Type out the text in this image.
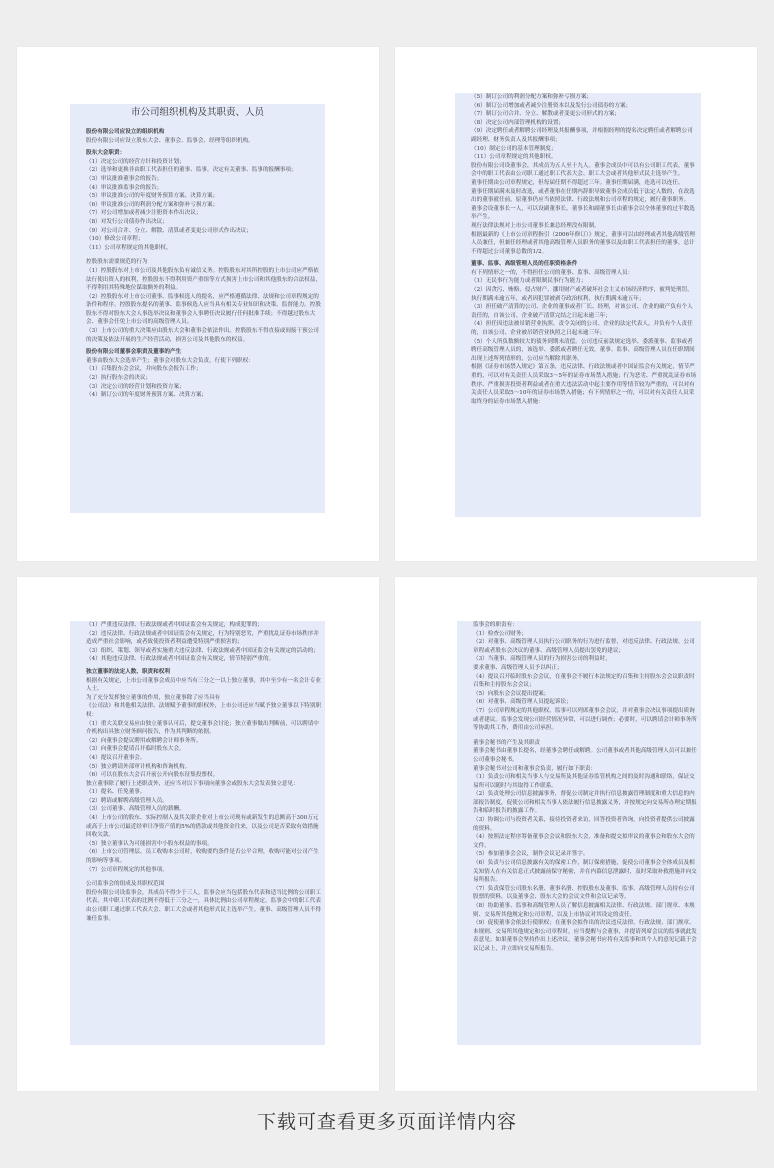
市公司组织机构及其职责、人员

股份有限公司应设立的组织机构

股份有限公司应设立股东大会、董事会、监事会、经理等组织机构。

股东大会职责：

（1）决定公司的经营方针和投资计划；

（2）选举和更换非由职工代表担任的董事、监事，决定有关董事、监事的报酬事项；

（3）审议批准董事会的报告；

（4）审议批准监事会的报告；

（5）审议批准公司的年度财务预算方案、决算方案；

（6）审议批准公司的利润分配方案和弥补亏损方案；

（7）对公司增加或者减少注册资本作出决议；

（8）对发行公司债券作出决议；

（9）对公司合并、分立、解散、清算或者变更公司形式作出决议；

（10）修改公司章程；

（11）公司章程规定的其他职权。

控股股东需要规范的行为

（1）控股股东对上市公司及其他股东负有诚信义务。控股股东对其所控股的上市公司应严格依法行使出资人的权利，控股股东不得利用资产重组等方式损害上市公司和其他股东的合法权益，不得利用其特殊地位谋取额外的利益。

（2）控股股东对上市公司董事、监事候选人的提名，应严格遵循法律、法规和公司章程规定的条件和程序。控股股东提名的董事、监事候选人应当具有相关专业知识和决策、监督能力。控股股东不得对股东大会人事选举决议和董事会人事聘任决议履行任何批准手续；不得越过股东大会、董事会任免上市公司的高级管理人员。

（3）上市公司的重大决策应由股东大会和董事会依法作出。控股股东不得直接或间接干预公司的决策及依法开展的生产经营活动，损害公司及其他股东的权益。

股份有限公司董事会职责及董事的产生

董事由股东大会选举产生；董事会对股东大会负责，行使下列职权：

（1）召集股东会会议，并向股东会报告工作；

（2）执行股东会的决议；

（3）决定公司的经营计划和投资方案；

（4）制订公司的年度财务预算方案、决算方案；

（5）制订公司的利润分配方案和弥补亏损方案；

（6）制订公司增加或者减少注册资本以及发行公司债券的方案；

（7）制订公司合并、分立、解散或者变更公司形式的方案；

（8）决定公司内部管理机构的设置；

（9）决定聘任或者解聘公司经理及其报酬事项，并根据经理的提名决定聘任或者解聘公司副经理、财务负责人及其报酬事项；

（10）制定公司的基本管理制度；

（11）公司章程规定的其他职权。

股份有限公司设董事会，其成员为五人至十九人。董事会成员中可以有公司职工代表。董事会中的职工代表由公司职工通过职工代表大会、职工大会或者其他形式民主选举产生。

董事任期由公司章程规定，但每届任期不得超过三年。董事任期届满，连选可以连任。

董事任期届满未及时改选，或者董事在任期内辞职导致董事会成员低于法定人数的，在改选出的董事就任前，原董事仍应当依照法律、行政法规和公司章程的规定，履行董事职务。

董事会设董事长一人，可以设副董事长。董事长和副董事长由董事会以全体董事的过半数选举产生。

现行法律法规对上市公司董事长兼总经理没有限制。

根据最新的《上市公司章程指引（2006年修订）》规定，董事可以由经理或者其他高级管理人员兼任，但兼任经理或者其他高级管理人员职务的董事以及由职工代表担任的董事，总计不得超过公司董事总数的1/2。

董事、监事、高级管理人员的任职资格条件

有下列情形之一的，不得担任公司的董事、监事、高级管理人员：

（1）无民事行为能力或者限制民事行为能力；

（2）因贪污、贿赂、侵占财产、挪用财产或者破坏社会主义市场经济秩序，被判处刑罚，执行期满未逾五年，或者因犯罪被剥夺政治权利，执行期满未逾五年；

（3）担任破产清算的公司、企业的董事或者厂长、经理，对该公司、企业的破产负有个人责任的，自该公司、企业破产清算完结之日起未逾三年；

（4）担任因违法被吊销营业执照、责令关闭的公司、企业的法定代表人，并负有个人责任的，自该公司、企业被吊销营业执照之日起未逾三年；

（5）个人所负数额较大的债务到期未清偿。公司违反前款规定选举、委派董事、监事或者聘任高级管理人员的，该选举、委派或者聘任无效。董事、监事、高级管理人员在任职期间出现上述所列情形的，公司应当解除其职务。

根据《证券市场禁入规定》第五条，违反法律、行政法规或者中国证监会有关规定，情节严重的，可以对有关责任人员采取3～5年的证券市场禁入措施；行为恶劣、严重扰乱证券市场秩序、严重损害投资者利益或者在重大违法活动中起主要作用等情节较为严重的，可以对有关责任人员采取5～10年的证券市场禁入措施；有下列情形之一的，可以对有关责任人员采取终身的证券市场禁入措施：

（1）严重违反法律、行政法规或者中国证监会有关规定，构成犯罪的；

（2）违反法律、行政法规或者中国证监会有关规定，行为特别恶劣，严重扰乱证券市场秩序并造成严重社会影响，或者致使投资者利益遭受特别严重损害的；

（3）组织、策划、领导或者实施重大违反法律、行政法规或者中国证监会有关规定的活动的；

（4）其他违反法律、行政法规或者中国证监会有关规定，情节特别严重的。

独立董事的法定人数、职责和权利

根据有关规定，上市公司董事会成员中应当有三分之一以上独立董事，其中至少有一名会计专业人士。

为了充分发挥独立董事的作用，独立董事除了应当具有

《公司法》和其他相关法律、法规赋予董事的职权外，上市公司还应当赋予独立董事以下特别职权：

（1）重大关联交易应由独立董事认可后，提交董事会讨论；独立董事做出判断前，可以聘请中介机构出具独立财务顾问报告，作为其判断的依据。

（2）向董事会提议聘用或解聘会计师事务所。

（3）向董事会提请召开临时股东大会。

（4）提议召开董事会。

（5）独立聘请外部审计机构和咨询机构。

（6）可以在股东大会召开前公开向股东征集投票权。

独立董事除了履行上述职责外，还应当对以下事项向董事会或股东大会发表独立意见：

（1）提名、任免董事。

（2）聘请或解聘高级管理人员。

（3）公司董事、高级管理人员的薪酬。

（4）上市公司的股东、实际控制人及其关联企业对上市公司现有或新发生的总额高于300万元或高于上市公司最近经审计净资产值的5%的借款或其他资金往来，以及公司是否采取有效措施回收欠款。

（5）独立董事认为可能损害中小股东权益的事项。

（6）上市公司管理层、员工收购本公司时，收购要约条件是否公平合理，收购可能对公司产生的影响等事项。

（7）公司章程规定的其他事项。

公司监事会的组成及其职权范围

股份有限公司设监事会，其成员不得少于三人。监事会应当包括股东代表和适当比例的公司职工代表，其中职工代表的比例不得低于三分之一，具体比例由公司章程规定。监事会中的职工代表由公司职工通过职工代表大会、职工大会或者其他形式民主选举产生。董事、高级管理人员不得兼任监事。

监事会的职责有：

（1）检查公司财务；

（2）对董事、高级管理人员执行公司职务的行为进行监督，对违反法律、行政法规、公司章程或者股东会决议的董事、高级管理人员提出罢免的建议；

（3）当董事、高级管理人员的行为损害公司的利益时，

要求董事、高级管理人员予以纠正；

（4）提议召开临时股东会会议，在董事会不履行本法规定的召集和主持股东会会议职责时召集和主持股东会会议；

（5）向股东会会议提出提案；

（6）对董事、高级管理人员提起诉讼；

（7）公司章程规定的其他职权。监事可以列席董事会会议，并对董事会决议事项提出质询或者建议。监事会发现公司经营情况异常，可以进行调查；必要时，可以聘请会计师事务所等协助其工作，费用由公司承担。

董事会秘书的产生及其职责

董事会秘书由董事长提名，经董事会聘任或解聘。公司董事或者其他高级管理人员可以兼任公司董事会秘书。

董事会秘书对公司和董事会负责，履行如下职责：

（1）负责公司和相关当事人与交易所及其他证券监管机构之间的及时沟通和联络，保证交易所可以随时与其取得工作联系。

（2）负责处理公司信息披露事务，督促公司制定并执行信息披露管理制度和重大信息的内部报告制度，促使公司和相关当事人依法履行信息披露义务，并按规定向交易所办理定期报告和临时报告的披露工作。

（3）协调公司与投资者关系，接待投资者来访，回答投资者咨询，向投资者提供公司披露的资料。

（4）按照法定程序筹备董事会会议和股东大会，准备和提交拟审议的董事会和股东大会的文件。

（5）参加董事会会议，制作会议记录并签字。

（6）负责与公司信息披露有关的保密工作，制订保密措施，促使公司董事会全体成员及相关知情人在有关信息正式披露前保守秘密，并在内幕信息泄露时，及时采取补救措施并向交易所报告。

（7）负责保管公司股东名册、董事名册、控股股东及董事、监事、高级管理人员持有公司股票的资料，以及董事会、股东大会的会议文件和会议记录等。

（8）协助董事、监事和高级管理人员了解信息披露相关法律、行政法规、部门规章、本规则、交易所其他规定和公司章程，以及上市协议对其设定的责任。

（9）促使董事会依法行使职权；在董事会拟作出的决议违反法律、行政法规、部门规章、本规则、交易所其他规定和公司章程时，应当提醒与会董事，并提请列席会议的监事就此发表意见；如果董事会坚持作出上述决议，董事会秘书应将有关监事和其个人的意见记载于会议记录上，并立即向交易所报告。

下载可查看更多页面详情内容
